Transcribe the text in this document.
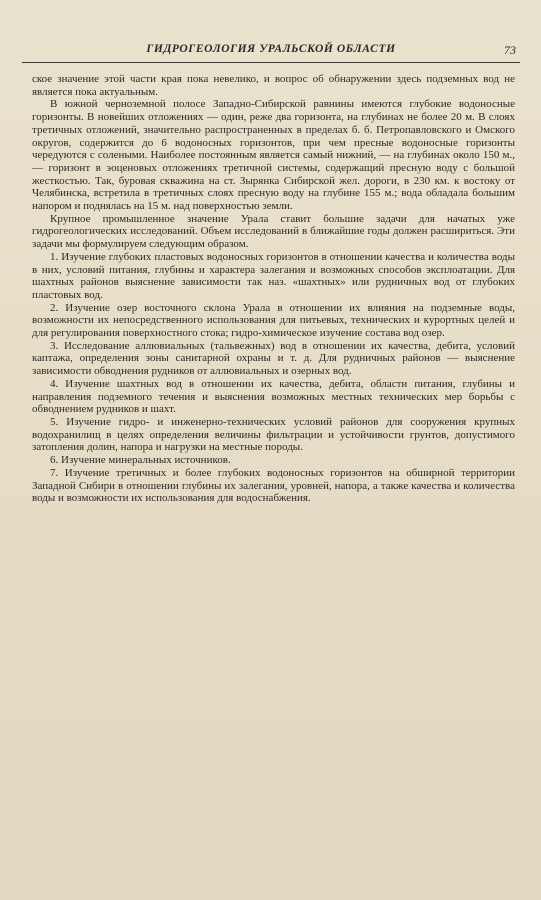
ГИДРОГЕОЛОГИЯ УРАЛЬСКОЙ ОБЛАСТИ	73

ское значение этой части края пока невелико, и вопрос об обнаружении здесь подземных вод не является пока актуальным.

В южной черноземной полосе Западно-Сибирской равнины имеются глубокие водоносные горизонты. В новейших отложениях — один, реже два горизонта, на глубинах не более 20 м. В слоях третичных отложений, значительно распространенных в пределах б. б. Петропавловского и Омского округов, содержится до 6 водоносных горизонтов, при чем пресные водоносные горизонты чередуются с солеными. Наиболее постоянным является самый нижний, — на глубинах около 150 м., — горизонт в эоценовых отложениях третичной системы, содержащий пресную воду с большой жесткостью. Так, буровая скважина на ст. Зырянка Сибирской жел. дороги, в 230 км. к востоку от Челябинска, встретила в третичных слоях пресную воду на глубине 155 м.; вода обладала большим напором и поднялась на 15 м. над поверхностью земли.

Крупное промышленное значение Урала ставит большие задачи для начатых уже гидрогеологических исследований. Объем исследований в ближайшие годы должен расшириться. Эти задачи мы формулируем следующим образом.

1. Изучение глубоких пластовых водоносных горизонтов в отношении качества и количества воды в них, условий питания, глубины и характера залегания и возможных способов эксплоатации. Для шахтных районов выяснение зависимости так наз. «шахтных» или рудничных вод от глубоких пластовых вод.

2. Изучение озер восточного склона Урала в отношении их влияния на подземные воды, возможности их непосредственного использования для питьевых, технических и курортных целей и для регулирования поверхностного стока; гидро-химическое изучение состава вод озер.

3. Исследование аллювиальных (тальвежных) вод в отношении их качества, дебита, условий каптажа, определения зоны санитарной охраны и т. д. Для рудничных районов — выяснение зависимости обводнения рудников от аллювиальных и озерных вод.

4. Изучение шахтных вод в отношении их качества, дебита, области питания, глубины и направления подземного течения и выяснения возможных местных технических мер борьбы с обводнением рудников и шахт.

5. Изучение гидро- и инженерно-технических условий районов для сооружения крупных водохранилищ в целях определения величины фильтрации и устойчивости грунтов, допустимого затопления долин, напора и нагрузки на местные породы.

6. Изучение минеральных источников.

7. Изучение третичных и более глубоких водоносных горизонтов на обширной территории Западной Сибири в отношении глубины их залегания, уровней, напора, а также качества и количества воды и возможности их использования для водоснабжения.
